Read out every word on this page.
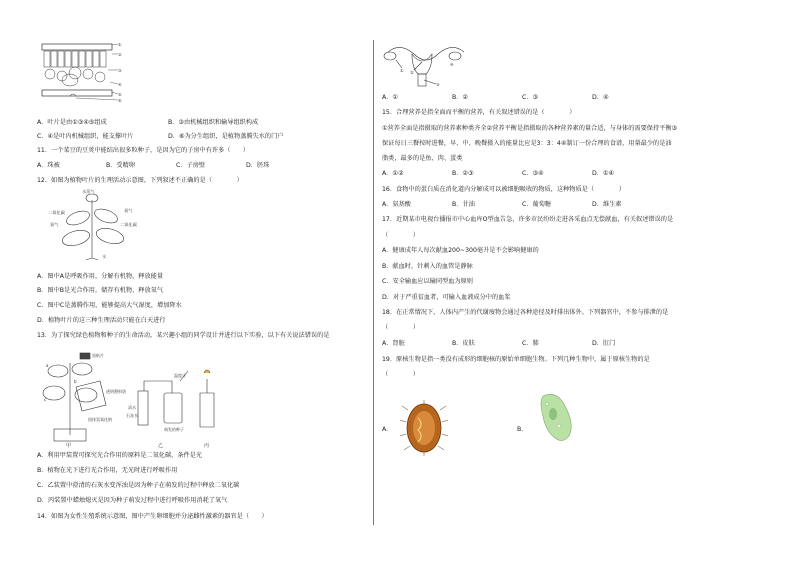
①
②
③
④
⑤
⑥
A．叶片是由①③④⑤组成	B．③由机械组织和输导组织构成
C．④是叶内机械组织，能支撑叶片	D．⑥为分生组织，是植物蒸腾失水的门户
11．一个菜豆的豆荚中能结出很多粒种子，是因为它的子房中有许多（　　）
A．珠被	B．受精卵	C．子房壁	D．胚珠
12．如图为植物叶片的生理活动示意图，下列叙述不正确的是（　　　　）
水蒸气
二氧化碳
氧气	二氧化碳
氧气
水
A．图中A是呼吸作用，分解有机物，释放能量
B．图中B是光合作用，储存有机物，释放氧气
C．图中C是蒸腾作用，能够提高大气湿度，增加降水
D．植物叶片的这三种生理活动只能在白天进行
13．为了探究绿色植物和种子的生命活动，某兴趣小组的同学设计并进行以下实验，以下有关说法错误的是
黑纸片
透明塑料袋
固体氢氧化钠
a
b
c
清水
石灰水
萌发的种子
温度计
甲	乙	丙
A．利用甲装置可探究光合作用的原料是二氧化碳，条件是光
B．植物在光下进行光合作用，无光时进行呼吸作用
C．乙装置中澄清的石灰水变浑浊是因为种子在萌发的过程中释放二氧化碳
D．丙装置中蜡烛熄灭是因为种子萌发过程中进行呼吸作用消耗了氧气
14．如图为女性生殖系统示意图，图中产生卵细胞并分泌雌性激素的器官是（　　）
① ②
③
④
A．①	B．②	C．③	D．④
15．合理营养是指全面而平衡的营养，有关叙述错误的是（　　　　）
①营养全面是指摄取的营养素种类齐全②营养平衡是指摄取的各种营养素的量合适，与身体的需要保持平衡③
保证每日三餐按时进餐，早、中、晚餐摄入的能量比应是3：3：4④制订一份合理的食谱，用量最少的是油
脂类，最多的是鱼、肉、蛋类
A．①②	B．②③	C．③④	D．①④
16．食物中的蛋白质在消化道内分解成可以被细胞吸收的物质，这种物质是（　　　　）
A．氨基酸	B．甘油	C．葡萄糖	D．维生素
17．近期某市电视台播报市中心血库O型血告急，许多市民纷纷走进各采血点无偿献血，有关叙述错误的是
（　　　　）
A．健康成年人每次献血200~300毫升是不会影响健康的
B．献血时，针刺入的血管是静脉
C．安全输血应以输同型血为原则
D．对于严重贫血者，可输入血液成分中的血浆
18．在正常情况下，人体内产生的代谢废物会通过各种途径及时排出体外。下列器官中，不参与排泄的是
（　　　　）
A．肾脏	B．皮肤	C．肺	D．肛门
19．原核生物是指一类没有成形的细胞核的原始单细胞生物。下列几种生物中，属于原核生物的是
（　　　　）
A．	B．
